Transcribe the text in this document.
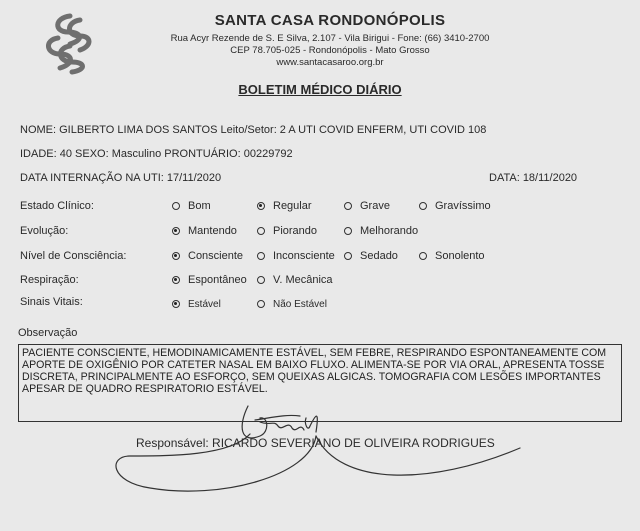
SANTA CASA RONDONÓPOLIS
Rua Acyr Rezende de S. E Silva, 2.107 - Vila Birigui - Fone: (66) 3410-2700
CEP 78.705-025 - Rondonópolis - Mato Grosso
www.santacasaroo.org.br
BOLETIM MÉDICO DIÁRIO
NOME: GILBERTO LIMA DOS SANTOS Leito/Setor: 2 A UTI COVID ENFERM, UTI COVID 108
IDADE: 40 SEXO: Masculino PRONTUÁRIO: 00229792
DATA INTERNAÇÃO NA UTI: 17/11/2020	DATA: 18/11/2020
Estado Clínico:	Bom	Regular	Grave	Gravíssimo
Evolução:	Mantendo	Piorando	Melhorando
Nível de Consciência:	Consciente	Inconsciente	Sedado	Sonolento
Respiração:	Espontâneo	V. Mecânica
Sinais Vitais:	Estável	Não Estável
Observação
PACIENTE CONSCIENTE, HEMODINAMICAMENTE ESTÁVEL, SEM FEBRE, RESPIRANDO ESPONTANEAMENTE COM APORTE DE OXIGÊNIO POR CATETER NASAL EM BAIXO FLUXO. ALIMENTA-SE POR VIA ORAL, APRESENTA TOSSE DISCRETA, PRINCIPALMENTE AO ESFORÇO, SEM QUEIXAS ALGICAS. TOMOGRAFIA COM LESÕES IMPORTANTES APESAR DE QUADRO RESPIRATORIO ESTÁVEL.
Responsável: RICARDO SEVERIANO DE OLIVEIRA RODRIGUES
